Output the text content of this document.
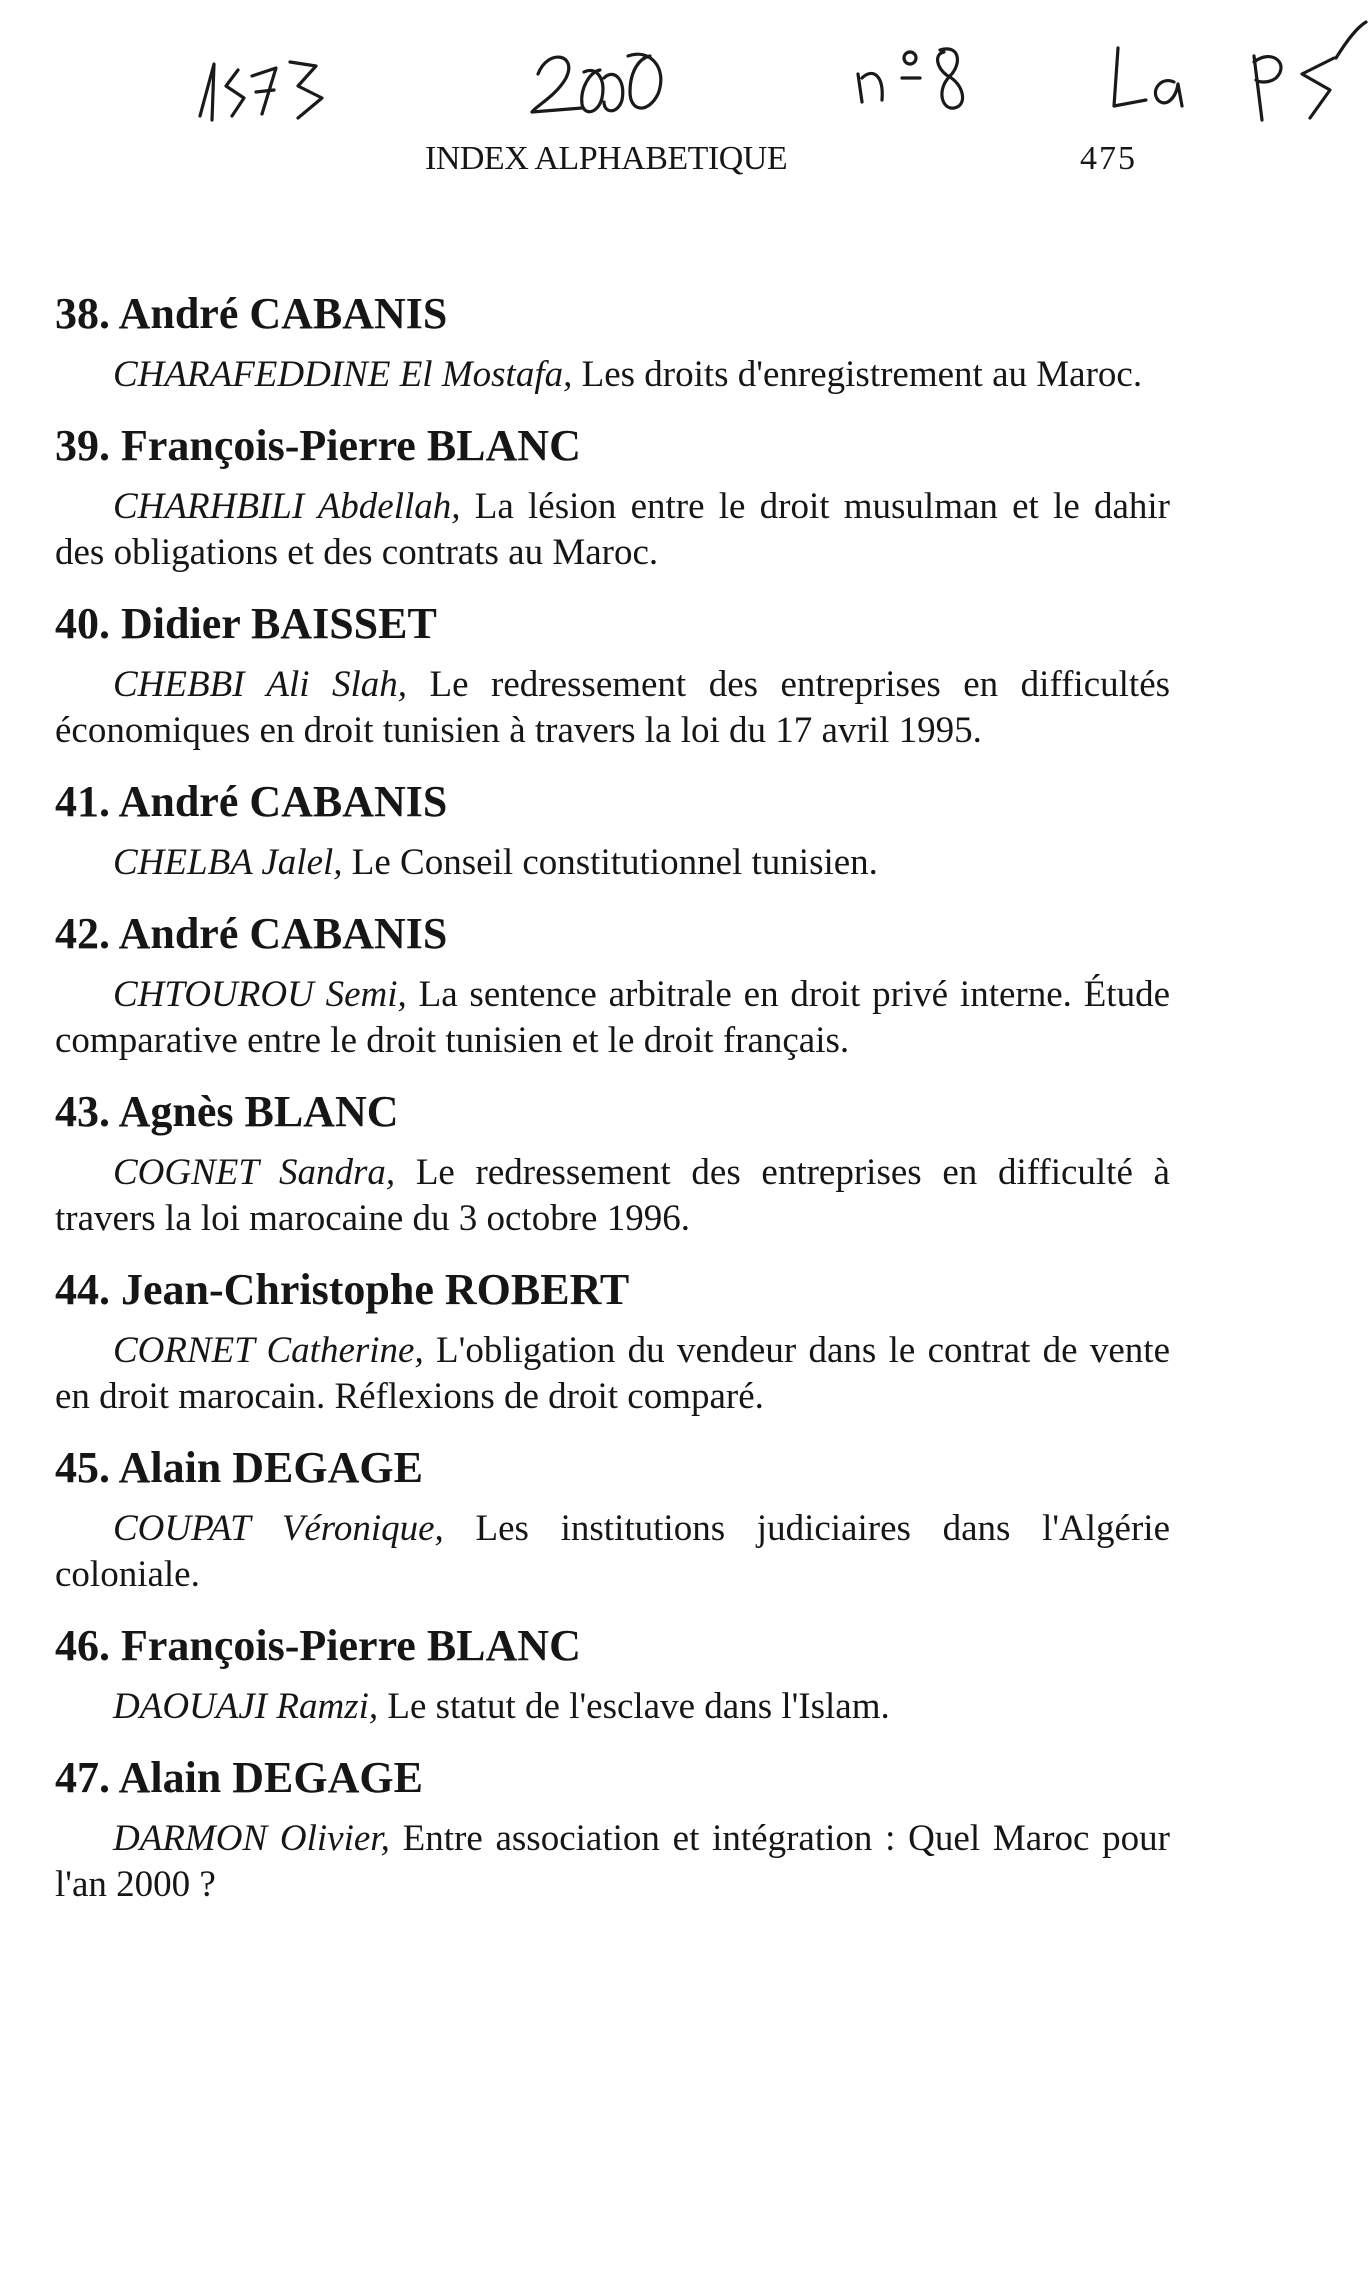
INDEX ALPHABETIQUE	475
38. André CABANIS

CHARAFEDDINE El Mostafa, Les droits d'enregistrement au Maroc.

39. François-Pierre BLANC

CHARHBILI Abdellah, La lésion entre le droit musulman et le dahir des obligations et des contrats au Maroc.

40. Didier BAISSET

CHEBBI Ali Slah, Le redressement des entreprises en difficultés économiques en droit tunisien à travers la loi du 17 avril 1995.

41. André CABANIS

CHELBA Jalel, Le Conseil constitutionnel tunisien.

42. André CABANIS

CHTOUROU Semi, La sentence arbitrale en droit privé interne. Étude comparative entre le droit tunisien et le droit français.

43. Agnès BLANC

COGNET Sandra, Le redressement des entreprises en difficulté à travers la loi marocaine du 3 octobre 1996.

44. Jean-Christophe ROBERT

CORNET Catherine, L'obligation du vendeur dans le contrat de vente en droit marocain. Réflexions de droit comparé.

45. Alain DEGAGE

COUPAT Véronique, Les institutions judiciaires dans l'Algérie coloniale.

46. François-Pierre BLANC

DAOUAJI Ramzi, Le statut de l'esclave dans l'Islam.

47. Alain DEGAGE

DARMON Olivier, Entre association et intégration : Quel Maroc pour l'an 2000 ?
